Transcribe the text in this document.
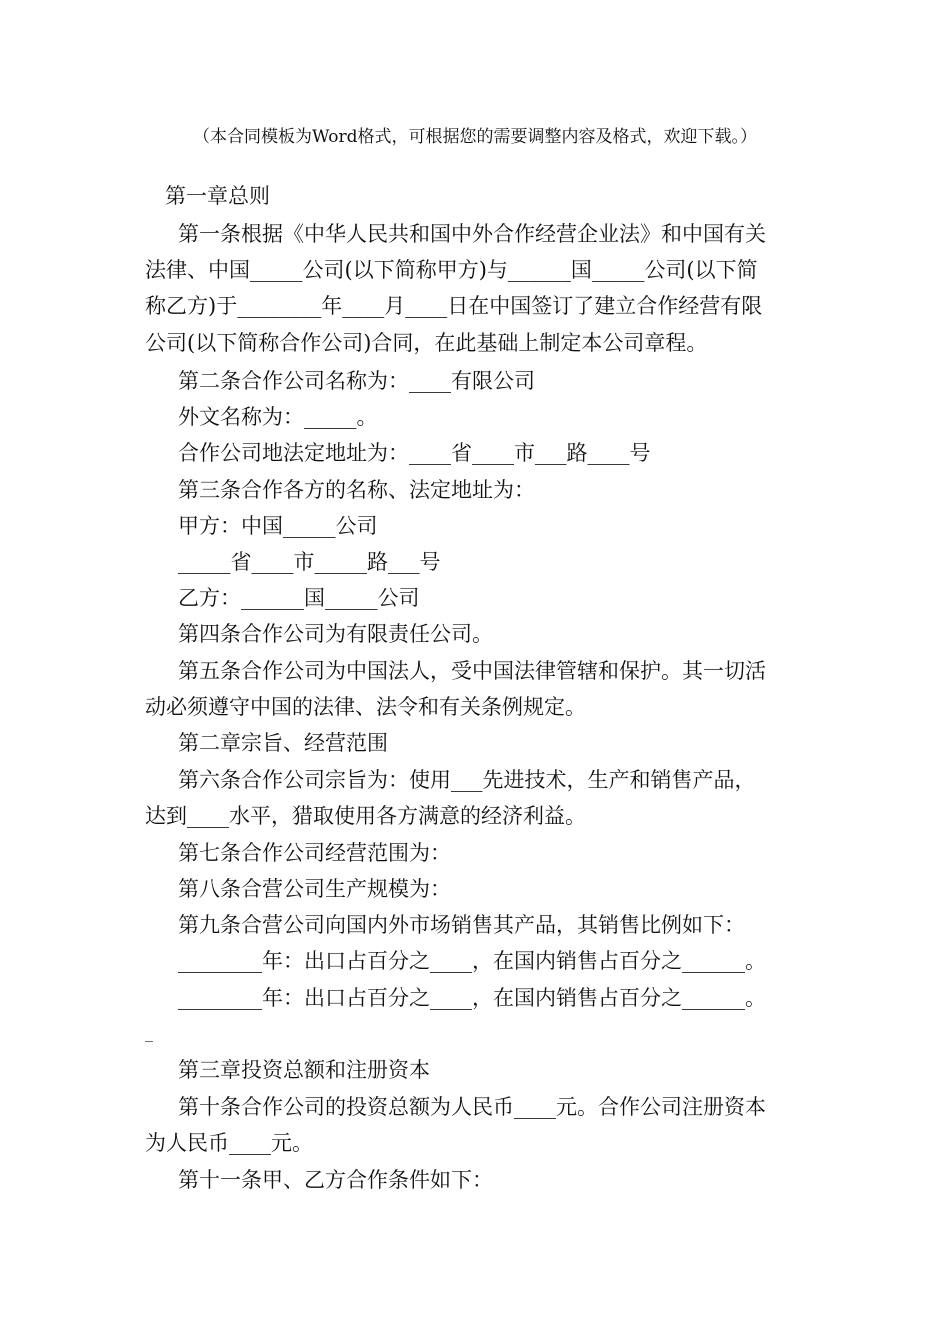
（本合同模板为Word格式，可根据您的需要调整内容及格式，欢迎下载。）
第一章总则
第一条根据《中华人民共和国中外合作经营企业法》和中国有关
法律、中国_____公司(以下简称甲方)与______国_____公司(以下简
称乙方)于________年____月____日在中国签订了建立合作经营有限
公司(以下简称合作公司)合同，在此基础上制定本公司章程。
第二条合作公司名称为：____有限公司
外文名称为：_____。
合作公司地法定地址为：____省____市___路____号
第三条合作各方的名称、法定地址为：
甲方：中国_____公司
_____省____市_____路___号
乙方：______国_____公司
第四条合作公司为有限责任公司。
第五条合作公司为中国法人，受中国法律管辖和保护。其一切活
动必须遵守中国的法律、法令和有关条例规定。
第二章宗旨、经营范围
第六条合作公司宗旨为：使用___先进技术，生产和销售产品，
达到____水平，猎取使用各方满意的经济利益。
第七条合作公司经营范围为：
第八条合营公司生产规模为：
第九条合营公司向国内外市场销售其产品，其销售比例如下：
________年：出口占百分之____，在国内销售占百分之______。
________年：出口占百分之____，在国内销售占百分之______。
_
第三章投资总额和注册资本
第十条合作公司的投资总额为人民币____元。合作公司注册资本
为人民币____元。
第十一条甲、乙方合作条件如下：
